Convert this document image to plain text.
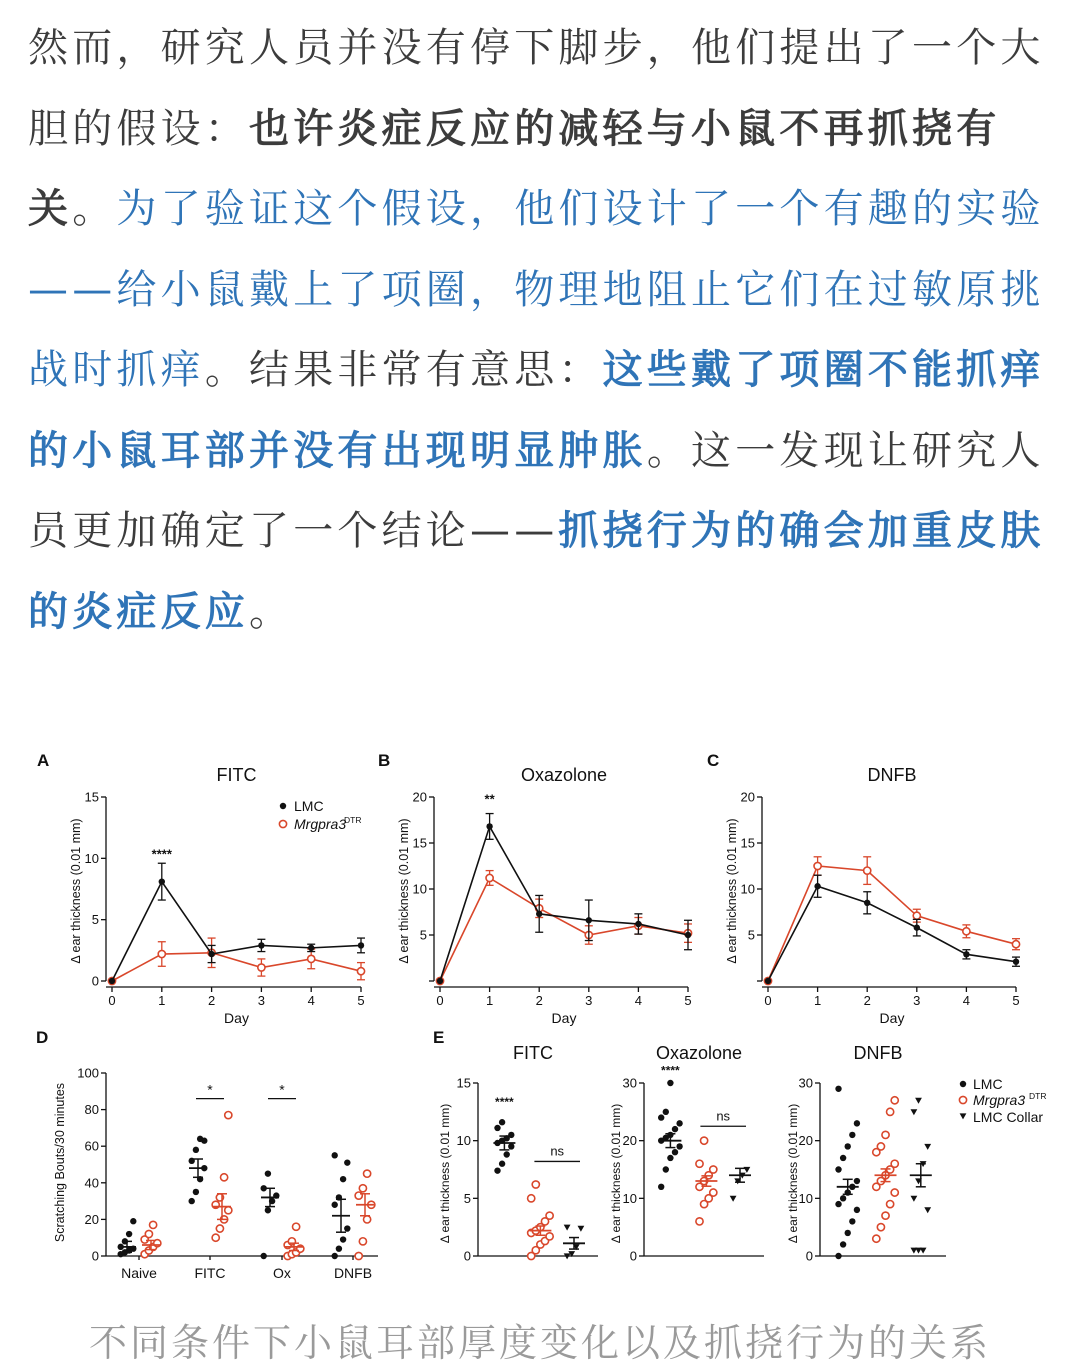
然而，研究人员并没有停下脚步，他们提出了一个大胆的假设：也许炎症反应的减轻与小鼠不再抓挠有关。为了验证这个假设，他们设计了一个有趣的实验——给小鼠戴上了项圈，物理地阻止它们在过敏原挑战时抓痒。结果非常有意思：这些戴了项圈不能抓痒的小鼠耳部并没有出现明显肿胀。这一发现让研究人员更加确定了一个结论——抓挠行为的确会加重皮肤的炎症反应。

A
FITC
0
5
10
15
0	1	2	3	4	5
Day
Δ ear thickness (0.01 mm)	****
LMC
Mrgpra3
DTR
B
Oxazolone
5
10
15
20
0	1	2	3	4	5
Day
Δ ear thickness (0.01 mm)
**
C
DNFB
5
10
15
20
0	1	2	3	4	5
Day
Δ ear thickness (0.01 mm)
D
0
20
40
60
80
100
Scratching Bouts/30 minutes
Naive	FITC	Ox	DNFB
*	*
E
FITC
0
5
10
15
Δ ear thickness (0.01 mm)
****
ns
Oxazolone
0
10
20
30
Δ ear thickness (0.01 mm)
****
ns
DNFB
0
10
20
30
Δ ear thickness (0.01 mm)
LMC
Mrgpra3 DTR
LMC Collar

不同条件下小鼠耳部厚度变化以及抓挠行为的关系
